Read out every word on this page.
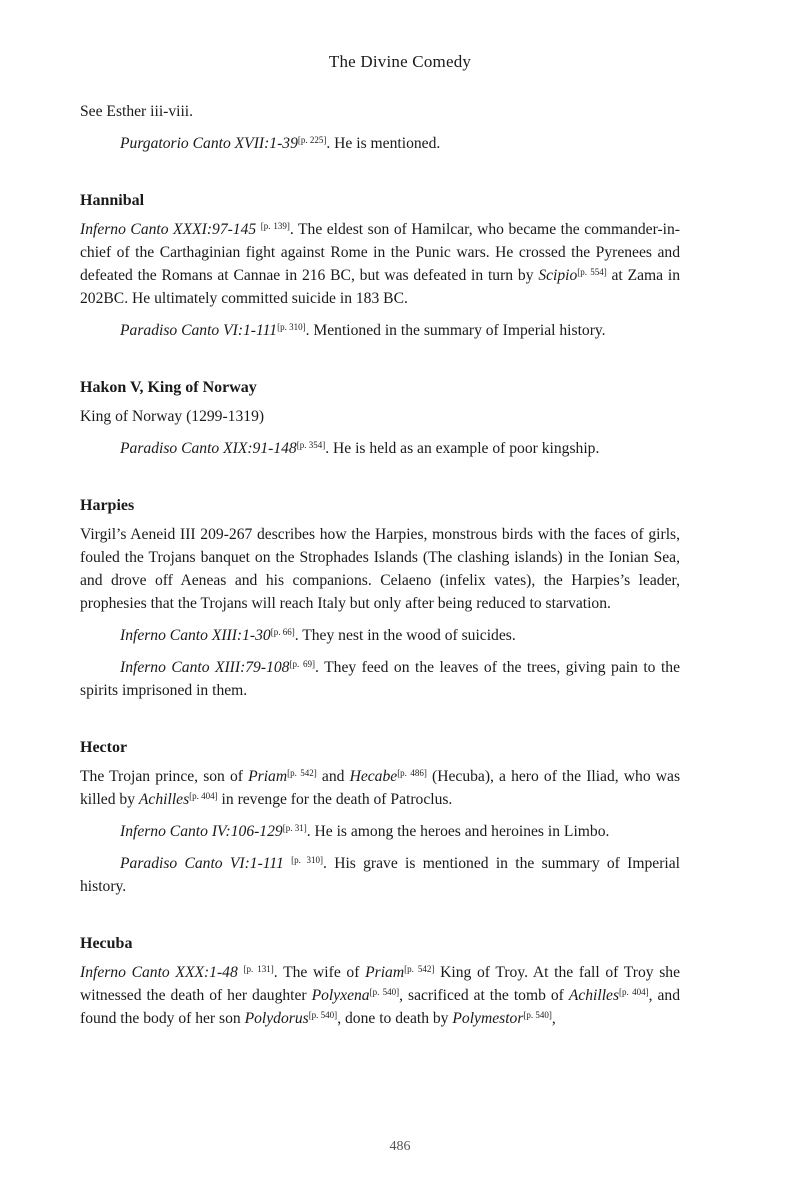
The Divine Comedy

See Esther iii-viii.

Purgatorio Canto XVII:1-39[p. 225]. He is mentioned.

Hannibal

Inferno Canto XXXI:97-145 [p. 139]. The eldest son of Hamilcar, who became the commander-in-chief of the Carthaginian fight against Rome in the Punic wars. He crossed the Pyrenees and defeated the Romans at Cannae in 216 BC, but was defeated in turn by Scipio[p. 554] at Zama in 202BC. He ultimately committed suicide in 183 BC.

Paradiso Canto VI:1-111[p. 310]. Mentioned in the summary of Imperial history.

Hakon V, King of Norway

King of Norway (1299-1319)

Paradiso Canto XIX:91-148[p. 354]. He is held as an example of poor kingship.

Harpies

Virgil’s Aeneid III 209-267 describes how the Harpies, monstrous birds with the faces of girls, fouled the Trojans banquet on the Strophades Islands (The clashing islands) in the Ionian Sea, and drove off Aeneas and his companions. Celaeno (infelix vates), the Harpies’s leader, prophesies that the Trojans will reach Italy but only after being reduced to starvation.

Inferno Canto XIII:1-30[p. 66]. They nest in the wood of suicides.

Inferno Canto XIII:79-108[p. 69]. They feed on the leaves of the trees, giving pain to the spirits imprisoned in them.

Hector

The Trojan prince, son of Priam[p. 542] and Hecabe[p. 486] (Hecuba), a hero of the Iliad, who was killed by Achilles[p. 404] in revenge for the death of Patroclus.

Inferno Canto IV:106-129[p. 31]. He is among the heroes and heroines in Limbo.

Paradiso Canto VI:1-111 [p. 310]. His grave is mentioned in the summary of Imperial history.

Hecuba

Inferno Canto XXX:1-48 [p. 131]. The wife of Priam[p. 542] King of Troy. At the fall of Troy she witnessed the death of her daughter Polyxena[p. 540], sacrificed at the tomb of Achilles[p. 404], and found the body of her son Polydorus[p. 540], done to death by Polymestor[p. 540],

486
